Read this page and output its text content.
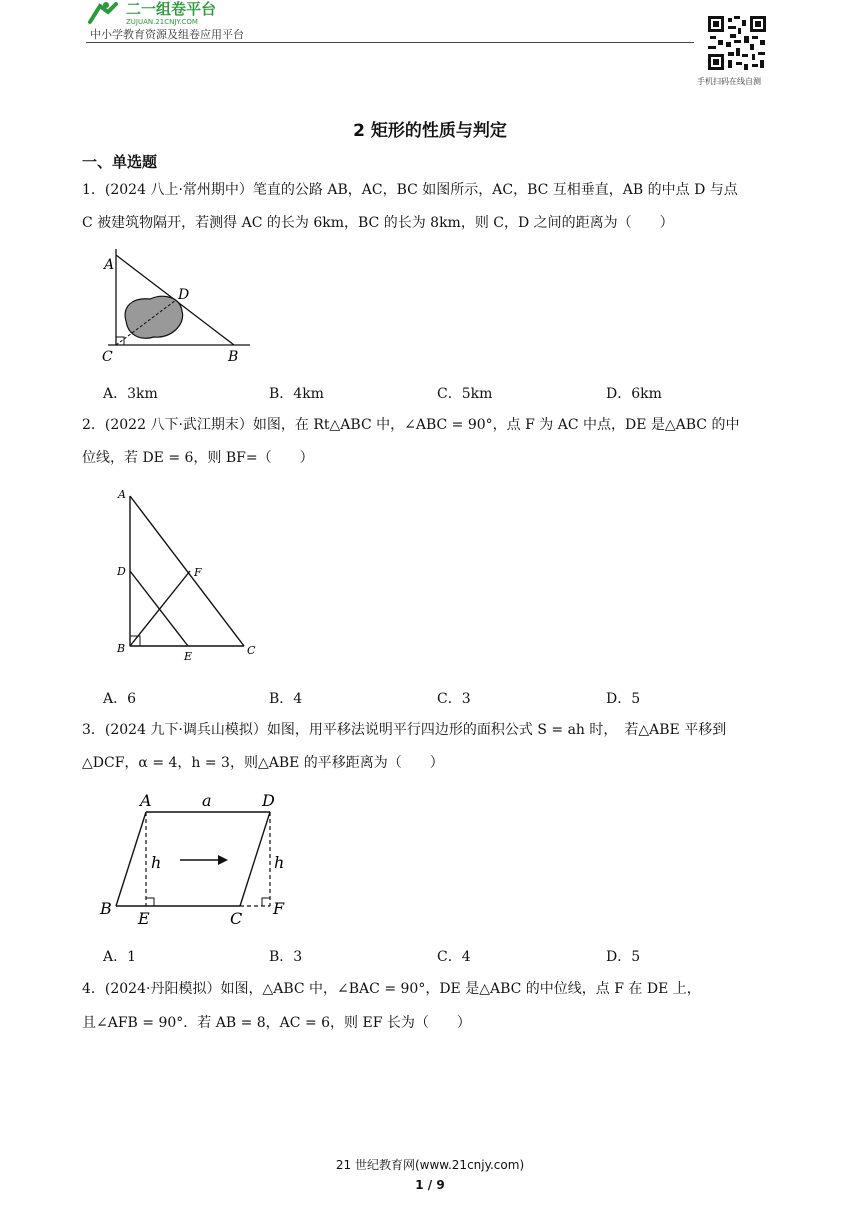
二一组卷平台
ZUJUAN.21CNJY.COM
中小学教育资源及组卷应用平台
手机扫码在线自测
2 矩形的性质与判定
一、单选题
1．(2024 八上·常州期中）笔直的公路 AB，AC，BC 如图所示，AC，BC 互相垂直，AB 的中点 D 与点
C 被建筑物隔开，若测得 AC 的长为 6km，BC 的长为 8km，则 C，D 之间的距离为（　　）
A
D
C	B
A．3km	B．4km	C．5km	D．6km
2．(2022 八下·武江期末）如图，在 Rt△ABC 中，∠ABC = 90°，点 F 为 AC 中点，DE 是△ABC 的中
位线，若 DE = 6，则 BF=（　　）
A
D	F
B
E	C
A．6	B．4	C．3	D．5
3．(2024 九下·调兵山模拟）如图，用平移法说明平行四边形的面积公式 S = ah 时，　若△ABE 平移到
△DCF，α = 4，h = 3，则△ABE 的平移距离为（　　）
A	a	D
h	h
B
E	C
F
A．1	B．3	C．4	D．5
4．(2024·丹阳模拟）如图，△ABC 中，∠BAC = 90°，DE 是△ABC 的中位线，点 F 在 DE 上，
且∠AFB = 90°．若 AB = 8，AC = 6，则 EF 长为（　　）
21 世纪教育网(www.21cnjy.com)
1 / 9
